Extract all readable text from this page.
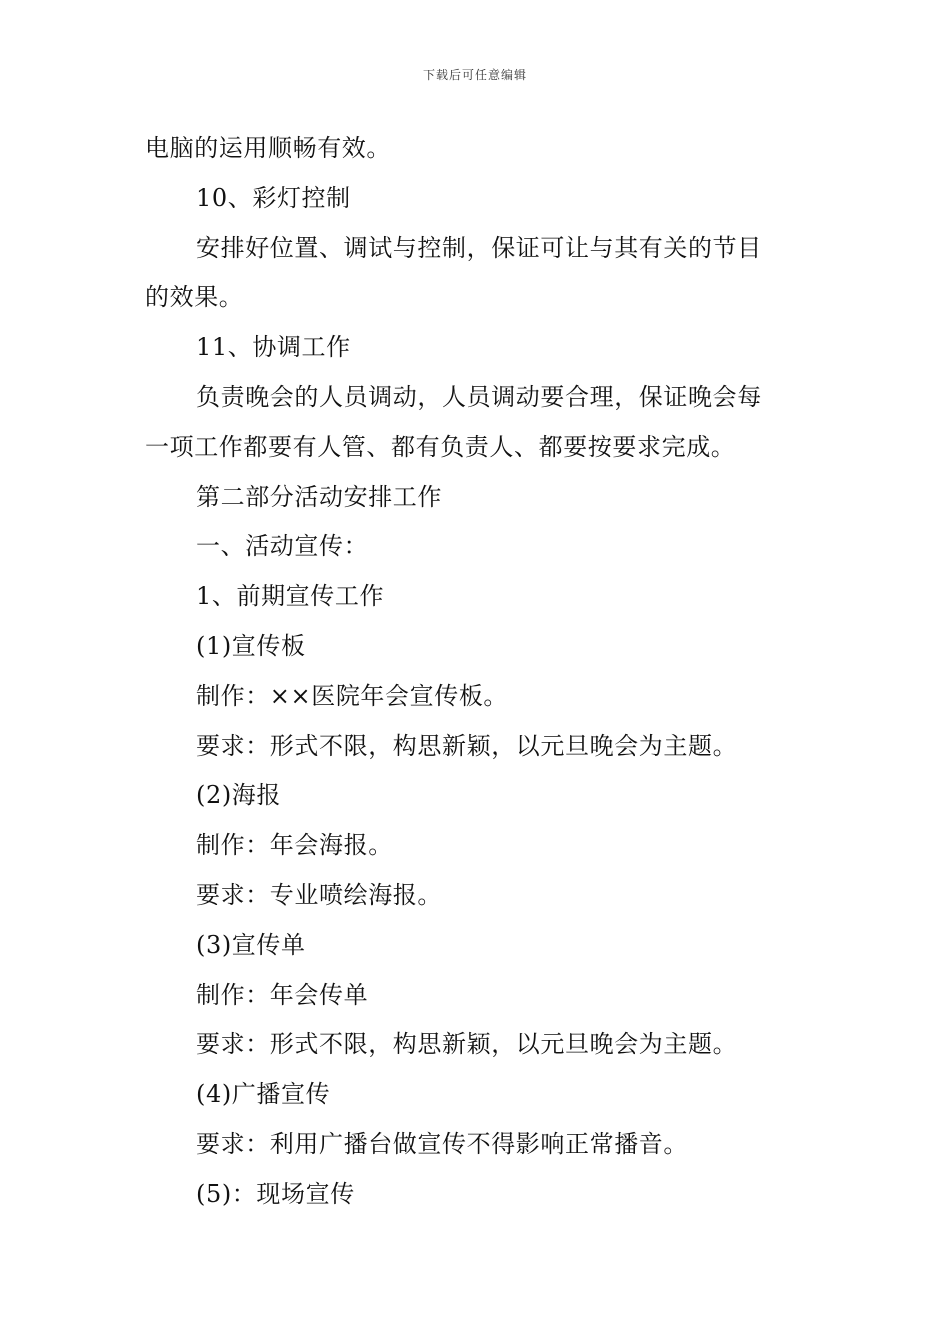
下载后可任意编辑

电脑的运用顺畅有效。

10、彩灯控制

安排好位置、调试与控制，保证可让与其有关的节目

的效果。

11、协调工作

负责晚会的人员调动，人员调动要合理，保证晚会每

一项工作都要有人管、都有负责人、都要按要求完成。

第二部分活动安排工作

一、活动宣传：

1、前期宣传工作

(1)宣传板

制作：××医院年会宣传板。

要求：形式不限，构思新颖，以元旦晚会为主题。

(2)海报

制作：年会海报。

要求：专业喷绘海报。

(3)宣传单

制作：年会传单

要求：形式不限，构思新颖，以元旦晚会为主题。

(4)广播宣传

要求：利用广播台做宣传不得影响正常播音。

(5)：现场宣传
